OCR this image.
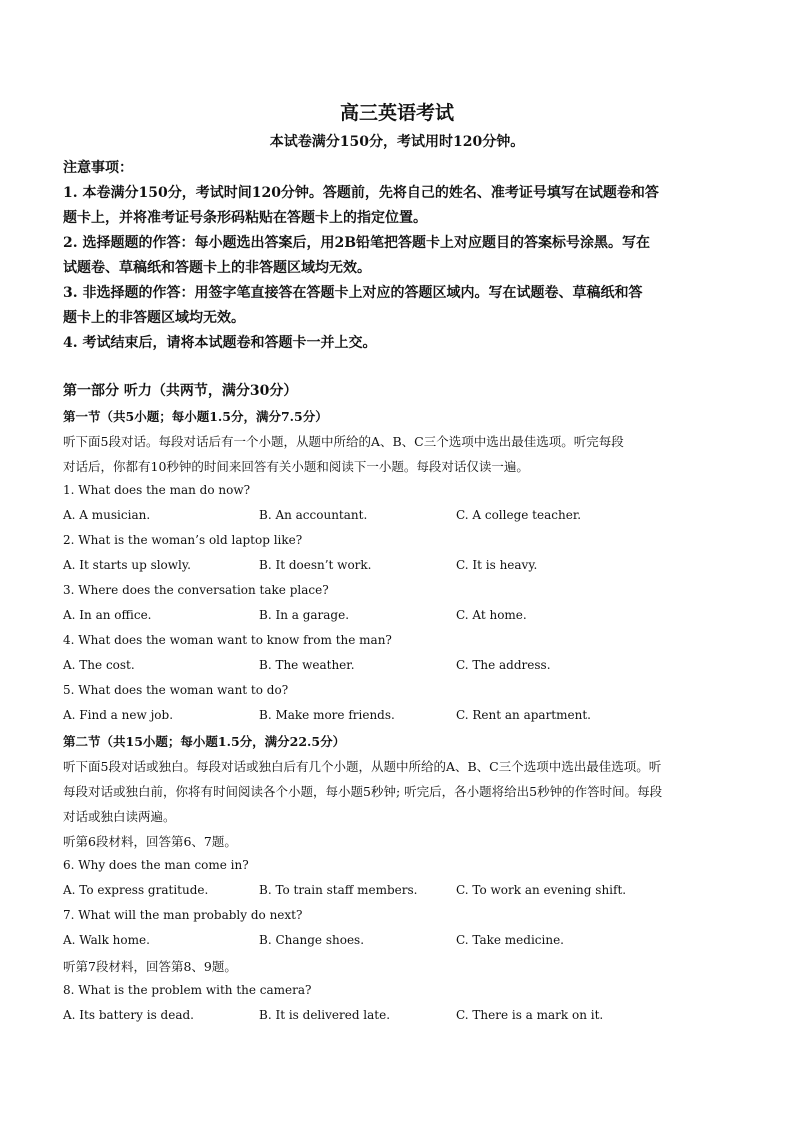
高三英语考试
本试卷满分150分，考试用时120分钟。
注意事项：
1. 本卷满分150分，考试时间120分钟。答题前，先将自己的姓名、准考证号填写在试题卷和答
题卡上，并将准考证号条形码粘贴在答题卡上的指定位置。
2. 选择题题的作答：每小题选出答案后，用2B铅笔把答题卡上对应题目的答案标号涂黑。写在
试题卷、草稿纸和答题卡上的非答题区域均无效。
3. 非选择题的作答：用签字笔直接答在答题卡上对应的答题区域内。写在试题卷、草稿纸和答
题卡上的非答题区域均无效。
4. 考试结束后，请将本试题卷和答题卡一并上交。
第一部分 听力（共两节，满分30分）
第一节（共5小题；每小题1.5分，满分7.5分）
听下面5段对话。每段对话后有一个小题，从题中所给的A、B、C三个选项中选出最佳选项。听完每段
对话后，你都有10秒钟的时间来回答有关小题和阅读下一小题。每段对话仅读一遍。
1. What does the man do now?
A. A musician.	B. An accountant.	C. A college teacher.
2. What is the woman’s old laptop like?
A. It starts up slowly.	B. It doesn’t work.	C. It is heavy.
3. Where does the conversation take place?
A. In an office.	B. In a garage.	C. At home.
4. What does the woman want to know from the man?
A. The cost.	B. The weather.	C. The address.
5. What does the woman want to do?
A. Find a new job.	B. Make more friends.	C. Rent an apartment.
第二节（共15小题；每小题1.5分，满分22.5分）
听下面5段对话或独白。每段对话或独白后有几个小题，从题中所给的A、B、C三个选项中选出最佳选项。听
每段对话或独白前，你将有时间阅读各个小题，每小题5秒钟; 听完后，各小题将给出5秒钟的作答时间。每段
对话或独白读两遍。
听第6段材料，回答第6、7题。
6. Why does the man come in?
A. To express gratitude.	B. To train staff members.	C. To work an evening shift.
7. What will the man probably do next?
A. Walk home.	B. Change shoes.	C. Take medicine.
听第7段材料，回答第8、9题。
8. What is the problem with the camera?
A. Its battery is dead.	B. It is delivered late.	C. There is a mark on it.
